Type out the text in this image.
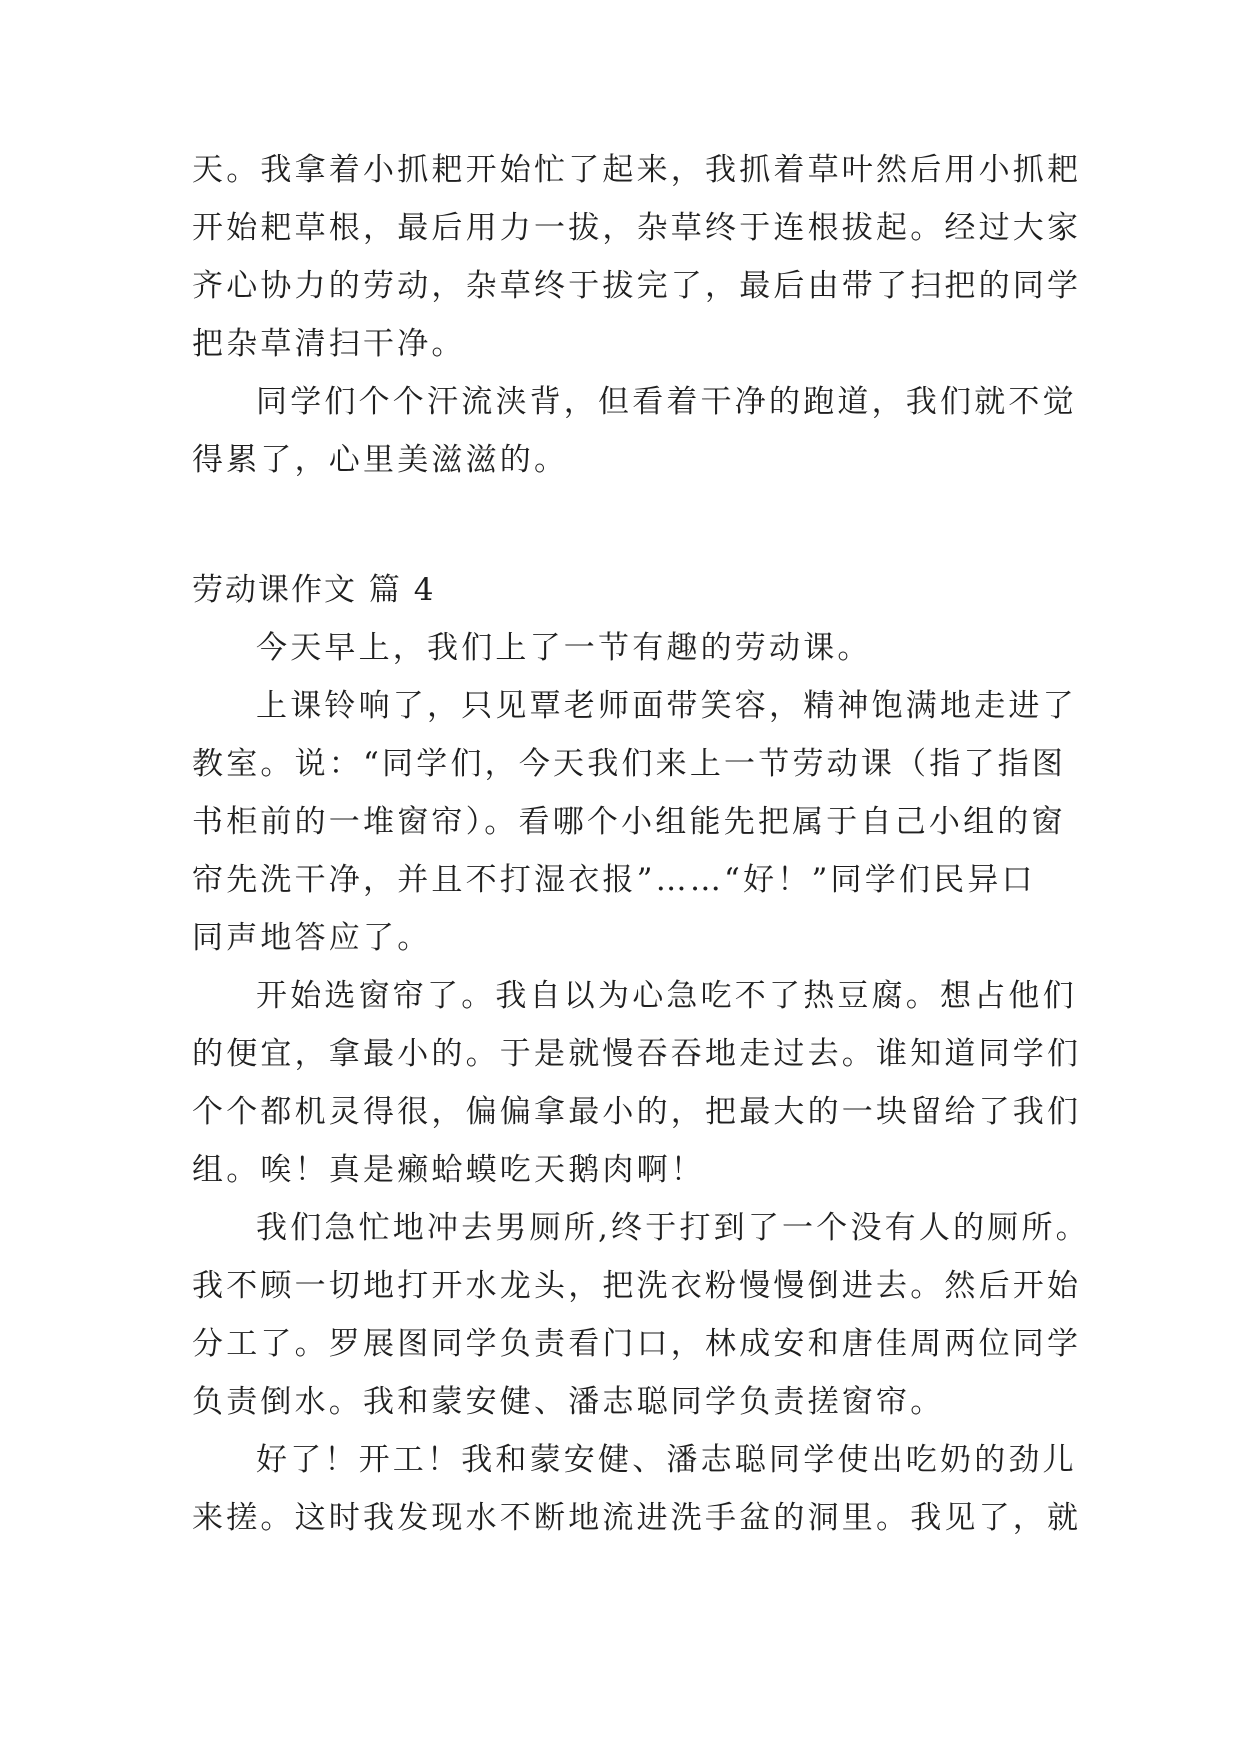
天。我拿着小抓耙开始忙了起来，我抓着草叶然后用小抓耙
开始耙草根，最后用力一拔，杂草终于连根拔起。经过大家
齐心协力的劳动，杂草终于拔完了，最后由带了扫把的同学
把杂草清扫干净。
同学们个个汗流浃背，但看着干净的跑道，我们就不觉
得累了，心里美滋滋的。
劳动课作文 篇 4
今天早上，我们上了一节有趣的劳动课。
上课铃响了，只见覃老师面带笑容，精神饱满地走进了
教室。说：“同学们，今天我们来上一节劳动课（指了指图
书柜前的一堆窗帘）。看哪个小组能先把属于自己小组的窗
帘先洗干净，并且不打湿衣报”……“好！”同学们民异口
同声地答应了。
开始选窗帘了。我自以为心急吃不了热豆腐。想占他们
的便宜，拿最小的。于是就慢吞吞地走过去。谁知道同学们
个个都机灵得很，偏偏拿最小的，把最大的一块留给了我们
组。唉！真是癞蛤蟆吃天鹅肉啊！
我们急忙地冲去男厕所,终于打到了一个没有人的厕所。
我不顾一切地打开水龙头，把洗衣粉慢慢倒进去。然后开始
分工了。罗展图同学负责看门口，林成安和唐佳周两位同学
负责倒水。我和蒙安健、潘志聪同学负责搓窗帘。
好了！开工！我和蒙安健、潘志聪同学使出吃奶的劲儿
来搓。这时我发现水不断地流进洗手盆的洞里。我见了，就
